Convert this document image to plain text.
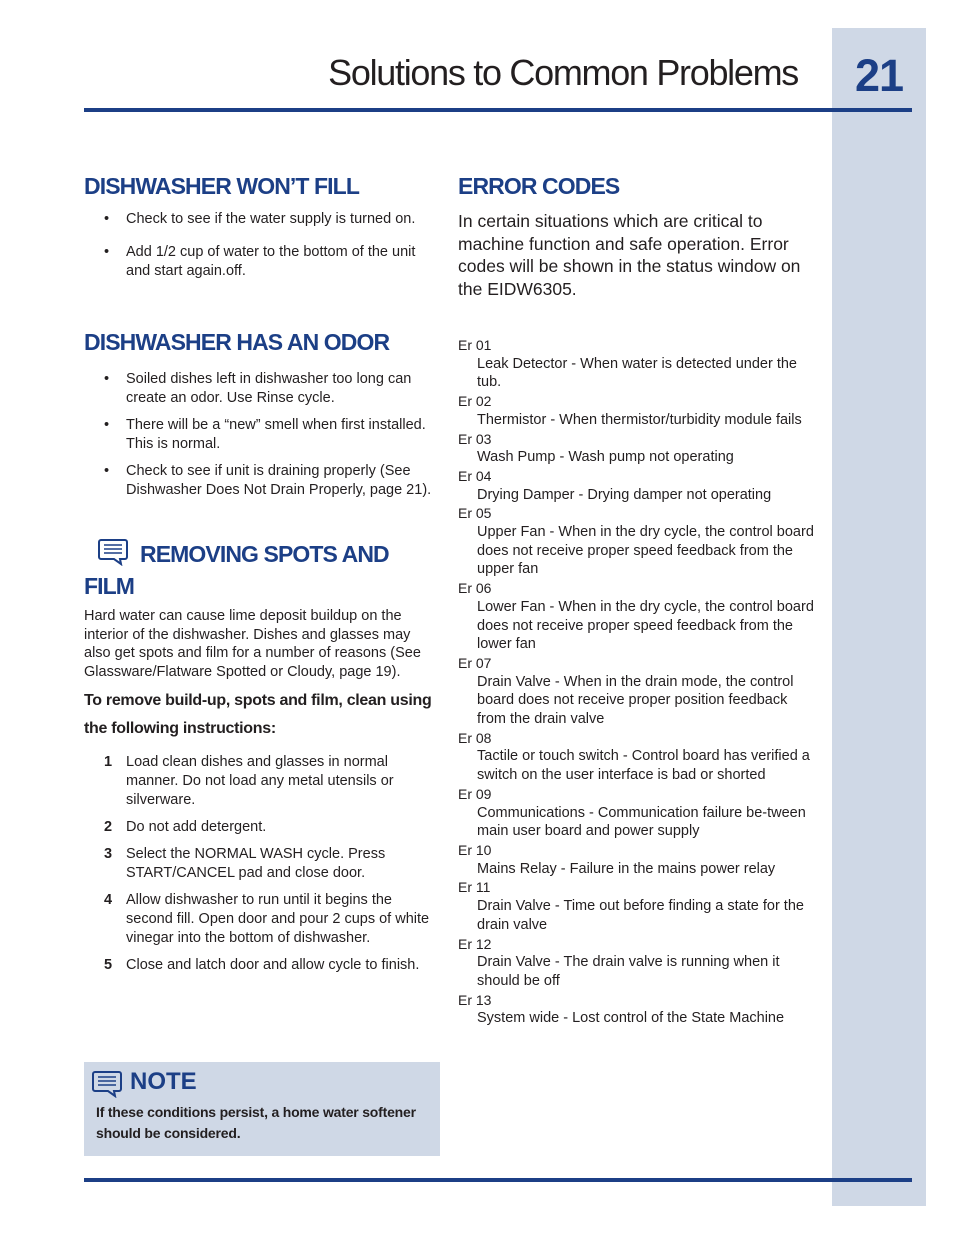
21
Solutions to Common Problems
DISHWASHER WON’T FILL
• Check to see if the water supply is turned on.
• Add 1/2 cup of water to the bottom of the unit and start again.off.
DISHWASHER HAS AN ODOR
• Soiled dishes left in dishwasher too long can create an odor. Use Rinse cycle.
• There will be a “new” smell when first installed. This is normal.
• Check to see if unit is draining properly (See Dishwasher Does Not Drain Properly, page 21).
REMOVING SPOTS AND
FILM
Hard water can cause lime deposit buildup on the interior of the dishwasher. Dishes and glasses may also get spots and film for a number of reasons (See Glassware/Flatware Spotted or Cloudy, page 19).
To remove build-up, spots and film, clean using the following instructions:
1 Load clean dishes and glasses in normal manner. Do not load any metal utensils or silverware.
2 Do not add detergent.
3 Select the NORMAL WASH cycle. Press START/CANCEL pad and close door.
4 Allow dishwasher to run until it begins the second fill. Open door and pour 2 cups of white vinegar into the bottom of dishwasher.
5 Close and latch door and allow cycle to finish.
NOTE
If these conditions persist, a home water softener should be considered.
ERROR CODES
In certain situations which are critical to machine function and safe operation. Error codes will be shown in the status window on the EIDW6305.
Er 01
Leak Detector - When water is detected under the tub.
Er 02
Thermistor - When thermistor/turbidity module fails
Er 03
Wash Pump - Wash pump not operating
Er 04
Drying Damper - Drying damper not operating
Er 05
Upper Fan - When in the dry cycle, the control board does not receive proper speed feedback from the upper fan
Er 06
Lower Fan - When in the dry cycle, the control board does not receive proper speed feedback from the lower fan
Er 07
Drain Valve - When in the drain mode, the control board does not receive proper position feedback from the drain valve
Er 08
Tactile or touch switch - Control board has verified a switch on the user interface is bad or shorted
Er 09
Communications - Communication failure be-tween main user board and power supply
Er 10
Mains Relay - Failure in the mains power relay
Er 11
Drain Valve - Time out before finding a state for the drain valve
Er 12
Drain Valve - The drain valve is running when it should be off
Er 13
System wide - Lost control of the State Machine
